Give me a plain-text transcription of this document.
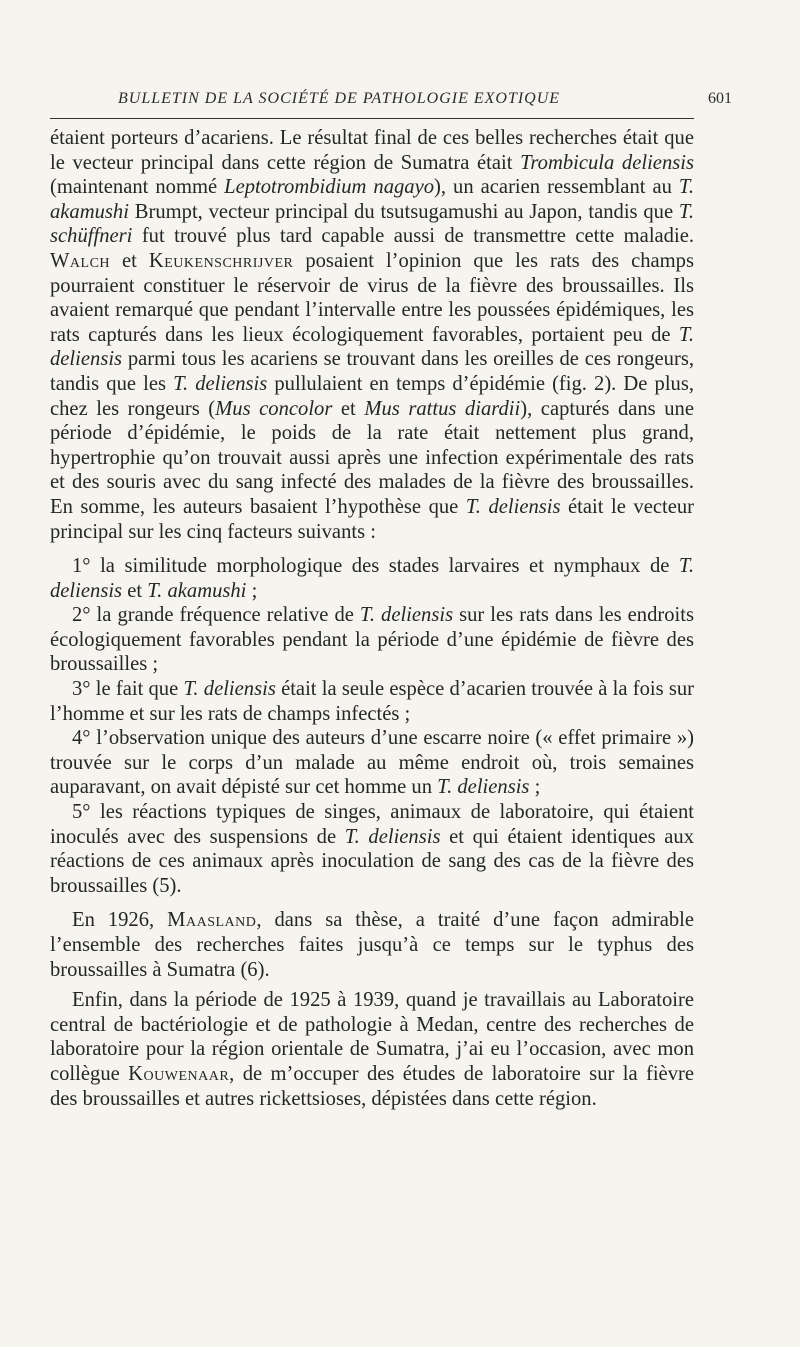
BULLETIN DE LA SOCIÉTÉ DE PATHOLOGIE EXOTIQUE	601

étaient porteurs d’acariens. Le résultat final de ces belles recherches était que le vecteur principal dans cette région de Sumatra était Trombicula deliensis (maintenant nommé Leptotrombidium nagayo), un acarien ressemblant au T. akamushi Brumpt, vecteur principal du tsutsugamushi au Japon, tandis que T. schüffneri fut trouvé plus tard capable aussi de transmettre cette maladie. Walch et Keukenschrijver posaient l’opinion que les rats des champs pourraient constituer le réservoir de virus de la fièvre des broussailles. Ils avaient remarqué que pendant l’intervalle entre les poussées épidémiques, les rats capturés dans les lieux écologiquement favorables, portaient peu de T. deliensis parmi tous les acariens se trouvant dans les oreilles de ces rongeurs, tandis que les T. deliensis pullulaient en temps d’épidémie (fig. 2). De plus, chez les rongeurs (Mus concolor et Mus rattus diardii), capturés dans une période d’épidémie, le poids de la rate était nettement plus grand, hypertrophie qu’on trouvait aussi après une infection expérimentale des rats et des souris avec du sang infecté des malades de la fièvre des broussailles. En somme, les auteurs basaient l’hypothèse que T. deliensis était le vecteur principal sur les cinq facteurs suivants :

1° la similitude morphologique des stades larvaires et nymphaux de T. deliensis et T. akamushi ;

2° la grande fréquence relative de T. deliensis sur les rats dans les endroits écologiquement favorables pendant la période d’une épidémie de fièvre des broussailles ;

3° le fait que T. deliensis était la seule espèce d’acarien trouvée à la fois sur l’homme et sur les rats de champs infectés ;

4° l’observation unique des auteurs d’une escarre noire (« effet primaire ») trouvée sur le corps d’un malade au même endroit où, trois semaines auparavant, on avait dépisté sur cet homme un T. deliensis ;

5° les réactions typiques de singes, animaux de laboratoire, qui étaient inoculés avec des suspensions de T. deliensis et qui étaient identiques aux réactions de ces animaux après inoculation de sang des cas de la fièvre des broussailles (5).

En 1926, Maasland, dans sa thèse, a traité d’une façon admirable l’ensemble des recherches faites jusqu’à ce temps sur le typhus des broussailles à Sumatra (6).

Enfin, dans la période de 1925 à 1939, quand je travaillais au Laboratoire central de bactériologie et de pathologie à Medan, centre des recherches de laboratoire pour la région orientale de Sumatra, j’ai eu l’occasion, avec mon collègue Kouwenaar, de m’occuper des études de laboratoire sur la fièvre des broussailles et autres rickettsioses, dépistées dans cette région.
